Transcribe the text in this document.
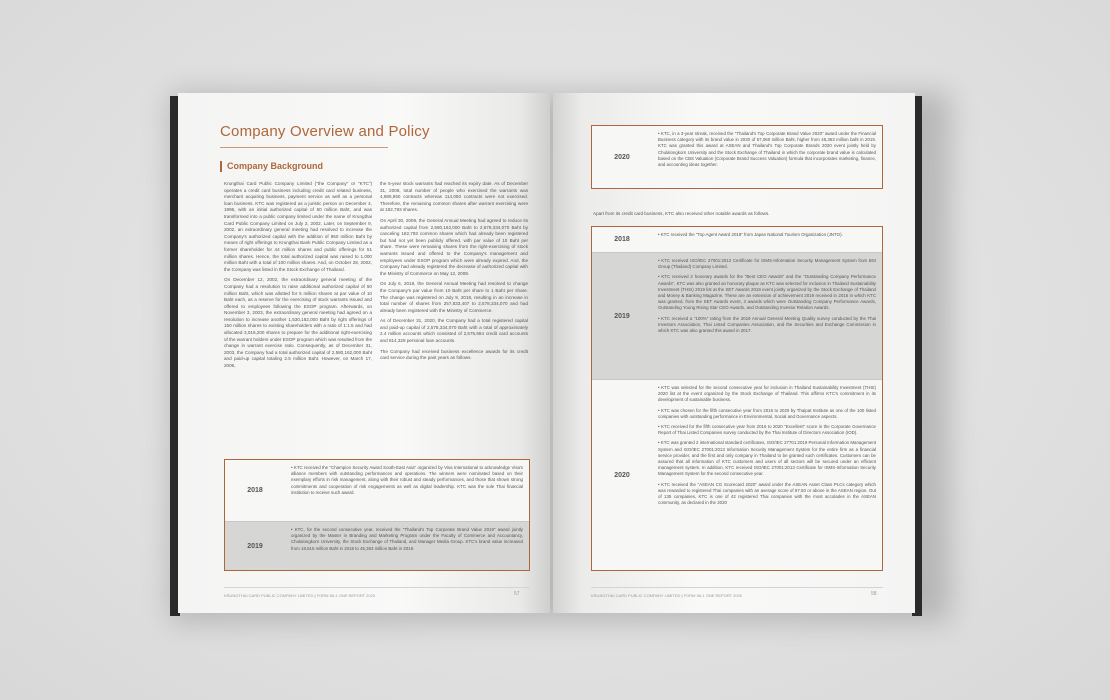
Company Overview and Policy
Company Background

Krungthai Card Public Company Limited ("the Company" or "KTC") operates a credit card business including credit card related business, merchant acquiring business, payment service as well as a personal loan business. KTC was registered as a juristic person on December 4, 1996, with an initial authorized capital of 50 million Baht, and was transformed into a public company limited under the name of Krungthai Card Public Company Limited on July 2, 2002. Later, on September 9, 2002, an extraordinary general meeting had resolved to increase the Company's authorized capital with the addition of 950 million Baht by means of right offerings to Krungthai Bank Public Company Limited as a former shareholder for 44 million shares and public offerings for 51 million shares. Hence, the total authorized capital was raised to 1,000 million Baht with a total of 100 million shares. And, on October 28, 2002, the Company was listed in the Stock Exchange of Thailand.

On December 12, 2002, the extraordinary general meeting of the Company had a resolution to raise additional authorized capital of 50 million Baht, which was allotted for 5 million shares at par value of 10 Baht each, as a reserve for the exercising of stock warrants issued and offered to employees following the ESOP program. Afterwards, on November 3, 2003, the extraordinary general meeting had agreed on a resolution to increase another 1,530,162,000 Baht by right offerings of 150 million shares to existing shareholders with a ratio of 1:1.5 and had allocated 3,016,200 shares to prepare for the additional right-exercising of the warrant holders under ESOP program which was resulted from the change in warrant exercise ratio. Consequently, as of December 31, 2003, the Company had a total authorized capital of 2,580,162,000 Baht and paid-up capital totaling 2.5 million Baht. However, on March 17, 2006,

the 5-year stock warrants had reached its expiry date. As of December 31, 2008, total number of people who exercised the warrants was 4,885,950 contracts whereas 114,050 contracts were not exercised. Therefore, the remaining common shares after warrant exercising were at 182,793 shares.

On April 30, 2009, the General Annual Meeting had agreed to reduce its authorized capital from 2,580,162,000 Baht to 2,578,334,070 Baht by canceling 182,793 common shares which had already been registered but had not yet been publicly offered, with par value of 10 Baht per share. These were remaining shares from the right-exercising of stock warrants issued and offered to the Company's management and employees under ESOP program which were already expired. And, the Company had already registered the decrease of authorized capital with the Ministry of Commerce on May 12, 2009.

On July 6, 2018, the General Annual Meeting had resolved to change the Company's par value from 10 Baht per share to 1 Baht per share. The change was registered on July 9, 2018, resulting in an increase in total number of shares from 257,833,407 to 2,578,334,070 and had already been registered with the Ministry of Commerce.

As of December 31, 2020, the Company had a total registered capital and paid-up capital of 2,578,334,070 Baht with a total of approximately 2.4 million accounts which consisted of 2,575,684 credit card accounts and 814,329 personal loan accounts.

The Company had received business excellence awards for its credit card service during the past years as follows.

2018

• KTC received the "Champion Security Award South-East Asia" organized by Visa International to acknowledge Visa's alliance members with outstanding performances and operations. The winners were nominated based on their exemplary efforts in risk management, along with their robust and steady performances, and those that shown strong commitments and cooperation of risk engagements as well as digital leadership. KTC was the sole Thai financial institution to receive such award.

2019

• KTC, for the second consecutive year, received the "Thailand's Top Corporate Brand Value 2019" award jointly organized by the Master in Branding and Marketing Program under the Faculty of Commerce and Accountancy, Chulalongkorn University, the Stock Exchange of Thailand, and Manager Media Group. KTC's brand value increased from 18,615 million Baht in 2018 to 45,363 million Baht in 2019.

KRUNGTHAI CARD PUBLIC COMPANY LIMITED | FORM 56-1 ONE REPORT 2020	57
2020

• KTC, in a 3-year streak, received the "Thailand's Top Corporate Brand Value 2020" award under the Financial Business category with its brand value in 2020 of 57,060 million Baht, higher from 45,363 million baht in 2019. KTC was granted this award at ASEAN and Thailand's Top Corporate Brands 2020 event jointly held by Chulalongkorn University and the Stock Exchange of Thailand in which the corporate brand value is calculated based on the CBS Valuation (Corporate Brand Success Valuation) formula that incorporates marketing, finance, and accounting ideas together.

Apart from its credit card business, KTC also received other notable awards as follows.
2018

• KTC received the "Top Agent Award 2018" from Japan National Tourism Organization (JNTO).

2019

• KTC received ISO/IEC 27001:2013 Certificate for ISMS-Information Security Management System from BSI Group (Thailand) Company Limited.

• KTC received 2 honorary awards for the "Best CEO Awards" and the "Outstanding Company Performance Awards". KTC was also granted an honorary plaque as KTC was selected for inclusion in Thailand Sustainability Investment (THSI) 2019 list at the SET Awards 2019 event jointly organized by the Stock Exchange of Thailand and Money & Banking Magazine. These are an extension of achievement 2019 received in 2016 in which KTC was granted, from the SET Awards event, 3 awards which were Outstanding Company Performance Awards, Outstanding Young Rising Star CEO Awards, and Outstanding Investor Relation Awards.

• KTC received a "100%" rating from the 2019 Annual General Meeting Quality survey conducted by the Thai Investors Association, Thai Listed Companies Association, and the Securities and Exchange Commission in which KTC was also granted this award in 2017.

2020

• KTC was selected for the second consecutive year for inclusion in Thailand Sustainability Investment (THSI) 2020 list at the event organized by the Stock Exchange of Thailand. This affirms KTC's commitment in its development of sustainable business.

• KTC was chosen for the fifth consecutive year from 2016 to 2020 by Thaipat Institute as one of the 100 listed companies with outstanding performance in Environmental, Social and Governance aspects.

• KTC received for the fifth consecutive year from 2016 to 2020 "Excellent" score in the Corporate Governance Report of Thai Listed Companies survey conducted by the Thai Institute of Directors Association (IOD).

• KTC was granted 2 international standard certificates, ISO/IEC 27701:2019 Personal Information Management System and ISO/IEC 27001:2013 Information Security Management System for the entire firm as a financial service provider, and the first and only company in Thailand to be granted such certificates. Customers can be assured that all information of KTC customers and users of all sectors will be secured under an efficient management system. In addition, KTC received ISO/IEC 27001:2013 Certificate for ISMS-Information Security Management System for the second consecutive year.

• KTC received the "ASEAN CG Scorecard 2020" award under the ASEAN Asset Class PLCs category which was rewarded to registered Thai companies with an average score of 97.50 or above in the ASEAN region. Out of 135 companies, KTC is one of 42 registered Thai companies with the most accolades in the ASEAN community, as declared in the 2020

KRUNGTHAI CARD PUBLIC COMPANY LIMITED | FORM 56-1 ONE REPORT 2020	58
